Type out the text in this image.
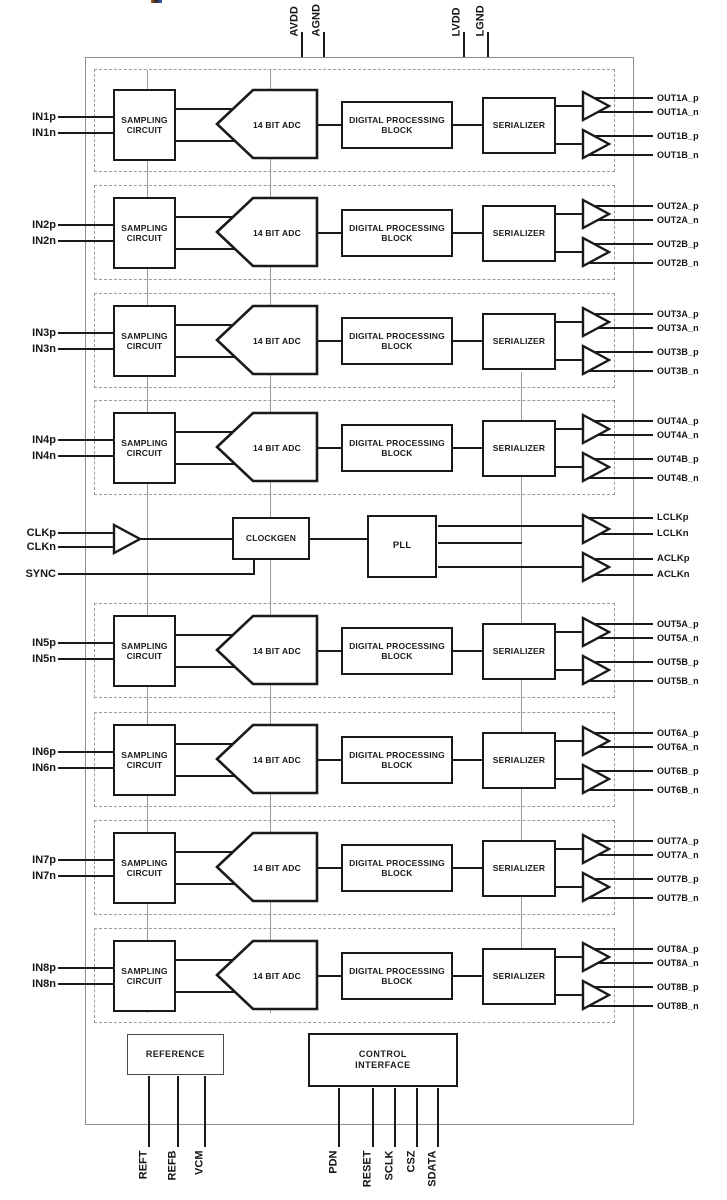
AVDD AGND	LVDD LGND
IN1p
IN1n
SAMPLING
CIRCUIT	14 BIT ADC
DIGITAL PROCESSING
BLOCK	SERIALIZER
OUT1A_p
OUT1A_n
OUT1B_p
OUT1B_n
IN2p
IN2n
SAMPLING
CIRCUIT	14 BIT ADC
DIGITAL PROCESSING
BLOCK	SERIALIZER
OUT2A_p
OUT2A_n
OUT2B_p
OUT2B_n
IN3p
IN3n
SAMPLING
CIRCUIT	14 BIT ADC
DIGITAL PROCESSING
BLOCK	SERIALIZER
OUT3A_p
OUT3A_n
OUT3B_p
OUT3B_n
IN4p
IN4n
SAMPLING
CIRCUIT	14 BIT ADC
DIGITAL PROCESSING
BLOCK	SERIALIZER
OUT4A_p
OUT4A_n
OUT4B_p
OUT4B_n
IN5p
IN5n
SAMPLING
CIRCUIT	14 BIT ADC
DIGITAL PROCESSING
BLOCK	SERIALIZER
OUT5A_p
OUT5A_n
OUT5B_p
OUT5B_n
IN6p
IN6n
SAMPLING
CIRCUIT	14 BIT ADC
DIGITAL PROCESSING
BLOCK	SERIALIZER
OUT6A_p
OUT6A_n
OUT6B_p
OUT6B_n
IN7p
IN7n
SAMPLING
CIRCUIT	14 BIT ADC
DIGITAL PROCESSING
BLOCK	SERIALIZER
OUT7A_p
OUT7A_n
OUT7B_p
OUT7B_n
IN8p
IN8n
SAMPLING
CIRCUIT	14 BIT ADC
DIGITAL PROCESSING
BLOCK	SERIALIZER
OUT8A_p
OUT8A_n
OUT8B_p
OUT8B_n
CLKp
CLKn
SYNC
CLOCKGEN
PLL
LCLKp
LCLKn
ACLKp
ACLKn
REFERENCE
REFT REFB VCM
CONTROL
INTERFACE
PDN RESET SCLK CSZ SDATA
